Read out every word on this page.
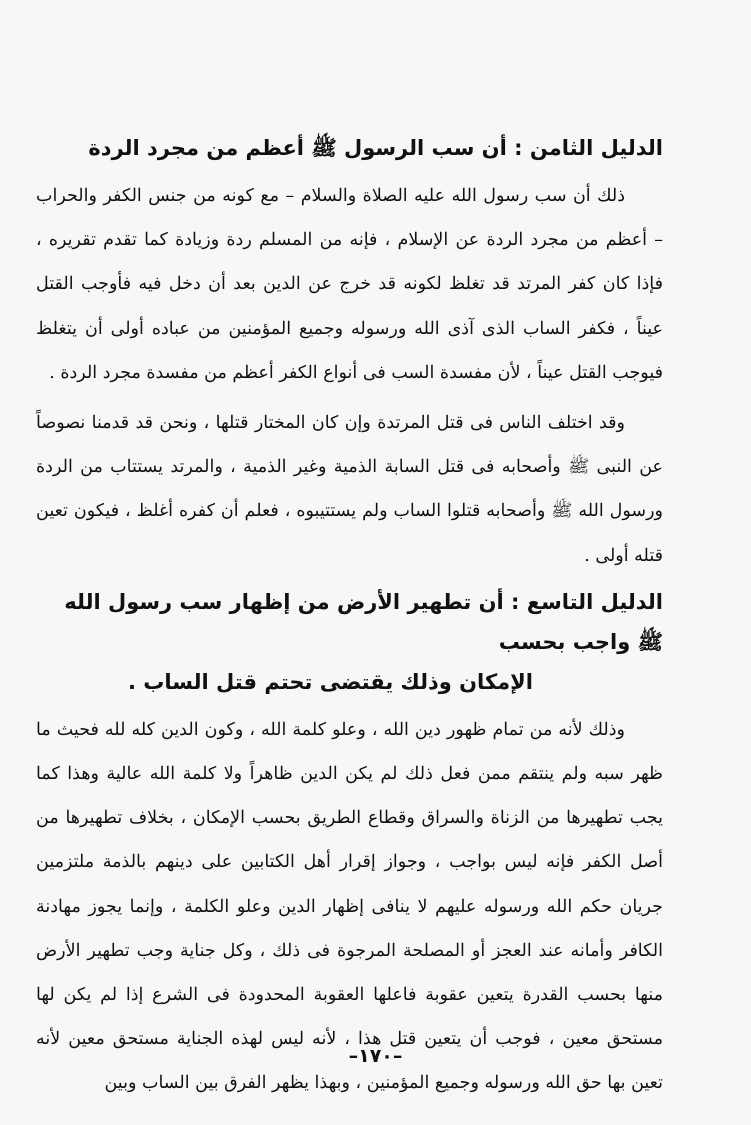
الدليل الثامن : أن سب الرسول ﷺ أعظم من مجرد الردة

ذلك أن سب رسول الله عليه الصلاة والسلام – مع كونه من جنس الكفر والحراب – أعظم من مجرد الردة عن الإسلام ، فإنه من المسلم ردة وزيادة كما تقدم تقريره ، فإذا كان كفر المرتد قد تغلظ لكونه قد خرج عن الدين بعد أن دخل فيه فأوجب القتل عيناً ، فكفر الساب الذى آذى الله ورسوله وجميع المؤمنين من عباده أولى أن يتغلظ فيوجب القتل عيناً ، لأن مفسدة السب فى أنواع الكفر أعظم من مفسدة مجرد الردة .

وقد اختلف الناس فى قتل المرتدة وإن كان المختار قتلها ، ونحن قد قدمنا نصوصاً عن النبى ﷺ وأصحابه فى قتل السابة الذمية وغير الذمية ، والمرتد يستتاب من الردة ورسول الله ﷺ وأصحابه قتلوا الساب ولم يستتيبوه ، فعلم أن كفره أغلظ ، فيكون تعين قتله أولى .

الدليل التاسع : أن تطهير الأرض من إظهار سب رسول الله ﷺ واجب بحسب
الإمكان وذلك يقتضى تحتم قتل الساب .

وذلك لأنه من تمام ظهور دين الله ، وعلو كلمة الله ، وكون الدين كله لله فحيث ما ظهر سبه ولم ينتقم ممن فعل ذلك لم يكن الدين ظاهراً ولا كلمة الله عالية وهذا كما يجب تطهيرها من الزناة والسراق وقطاع الطريق بحسب الإمكان ، بخلاف تطهيرها من أصل الكفر فإنه ليس بواجب ، وجواز إقرار أهل الكتابين على دينهم بالذمة ملتزمين جريان حكم الله ورسوله عليهم لا ينافى إظهار الدين وعلو الكلمة ، وإنما يجوز مهادنة الكافر وأمانه عند العجز أو المصلحة المرجوة فى ذلك ، وكل جناية وجب تطهير الأرض منها بحسب القدرة يتعين عقوبة فاعلها العقوبة المحدودة فى الشرع إذا لم يكن لها مستحق معين ، فوجب أن يتعين قتل هذا ، لأنه ليس لهذه الجناية مستحق معين لأنه تعين بها حق الله ورسوله وجميع المؤمنين ، وبهذا يظهر الفرق بين الساب وبين

–١٧٠–
